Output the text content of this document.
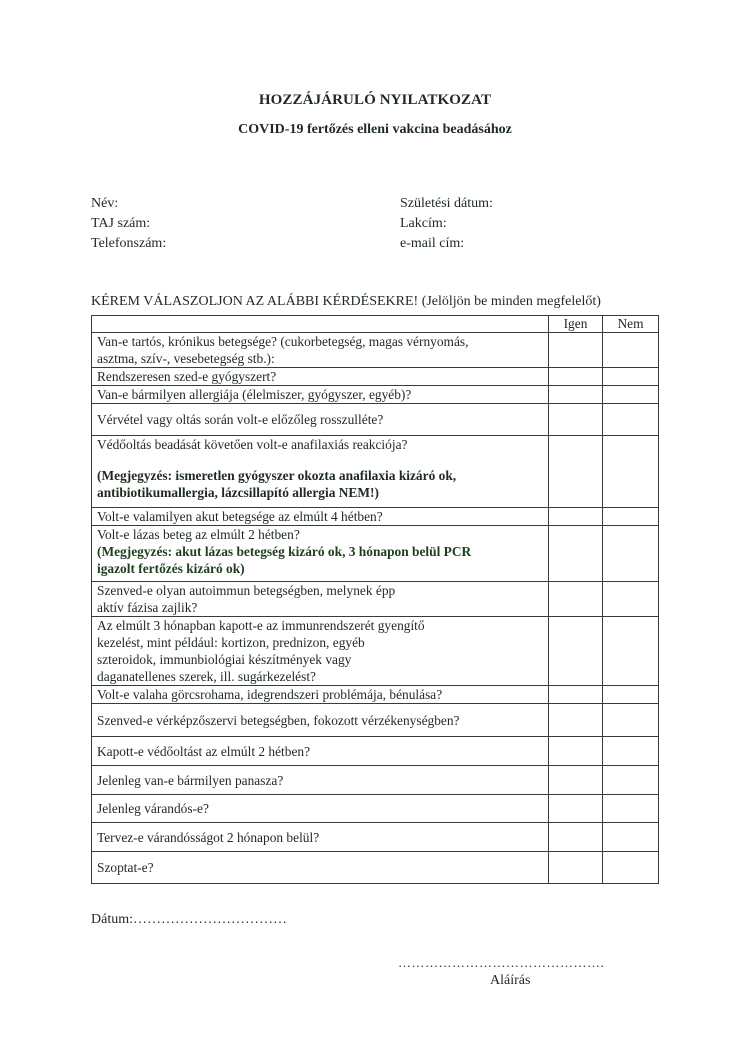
HOZZÁJÁRULÓ NYILATKOZAT
COVID-19 fertőzés elleni vakcina beadásához
Név:
TAJ szám:
Telefonszám:
Születési dátum:
Lakcím:
e-mail cím:
KÉREM VÁLASZOLJON AZ ALÁBBI KÉRDÉSEKRE! (Jelöljön be minden megfelelőt)
	Igen	Nem

Van-e tartós, krónikus betegsége? (cukorbetegség, magas vérnyomás,
asztma, szív-, vesebetegség stb.):		

Rendszeresen szed-e gyógyszert?		

Van-e bármilyen allergiája (élelmiszer, gyógyszer, egyéb)?		

Vérvétel vagy oltás során volt-e előzőleg rosszulléte?		

Védőoltás beadását követően volt-e anafilaxiás reakciója?
(Megjegyzés: ismeretlen gyógyszer okozta anafilaxia kizáró ok,
antibiotikumallergia, lázcsillapító allergia NEM!)		

Volt-e valamilyen akut betegsége az elmúlt 4 hétben?		

Volt-e lázas beteg az elmúlt 2 hétben?
(Megjegyzés: akut lázas betegség kizáró ok, 3 hónapon belül PCR
igazolt fertőzés kizáró ok)		

Szenved-e olyan autoimmun betegségben, melynek épp
aktív fázisa zajlik?		

Az elmúlt 3 hónapban kapott-e az immunrendszerét gyengítő
kezelést, mint például: kortizon, prednizon, egyéb
szteroidok, immunbiológiai készítmények vagy
daganatellenes szerek, ill. sugárkezelést?		

Volt-e valaha görcsrohama, idegrendszeri problémája, bénulása?		

Szenved-e vérképzőszervi betegségben, fokozott vérzékenységben?		

Kapott-e védőoltást az elmúlt 2 hétben?		

Jelenleg van-e bármilyen panasza?		

Jelenleg várandós-e?		

Tervez-e várandósságot 2 hónapon belül?		

Szoptat-e?		

Dátum:……………………………
……………………………………….
Aláírás
